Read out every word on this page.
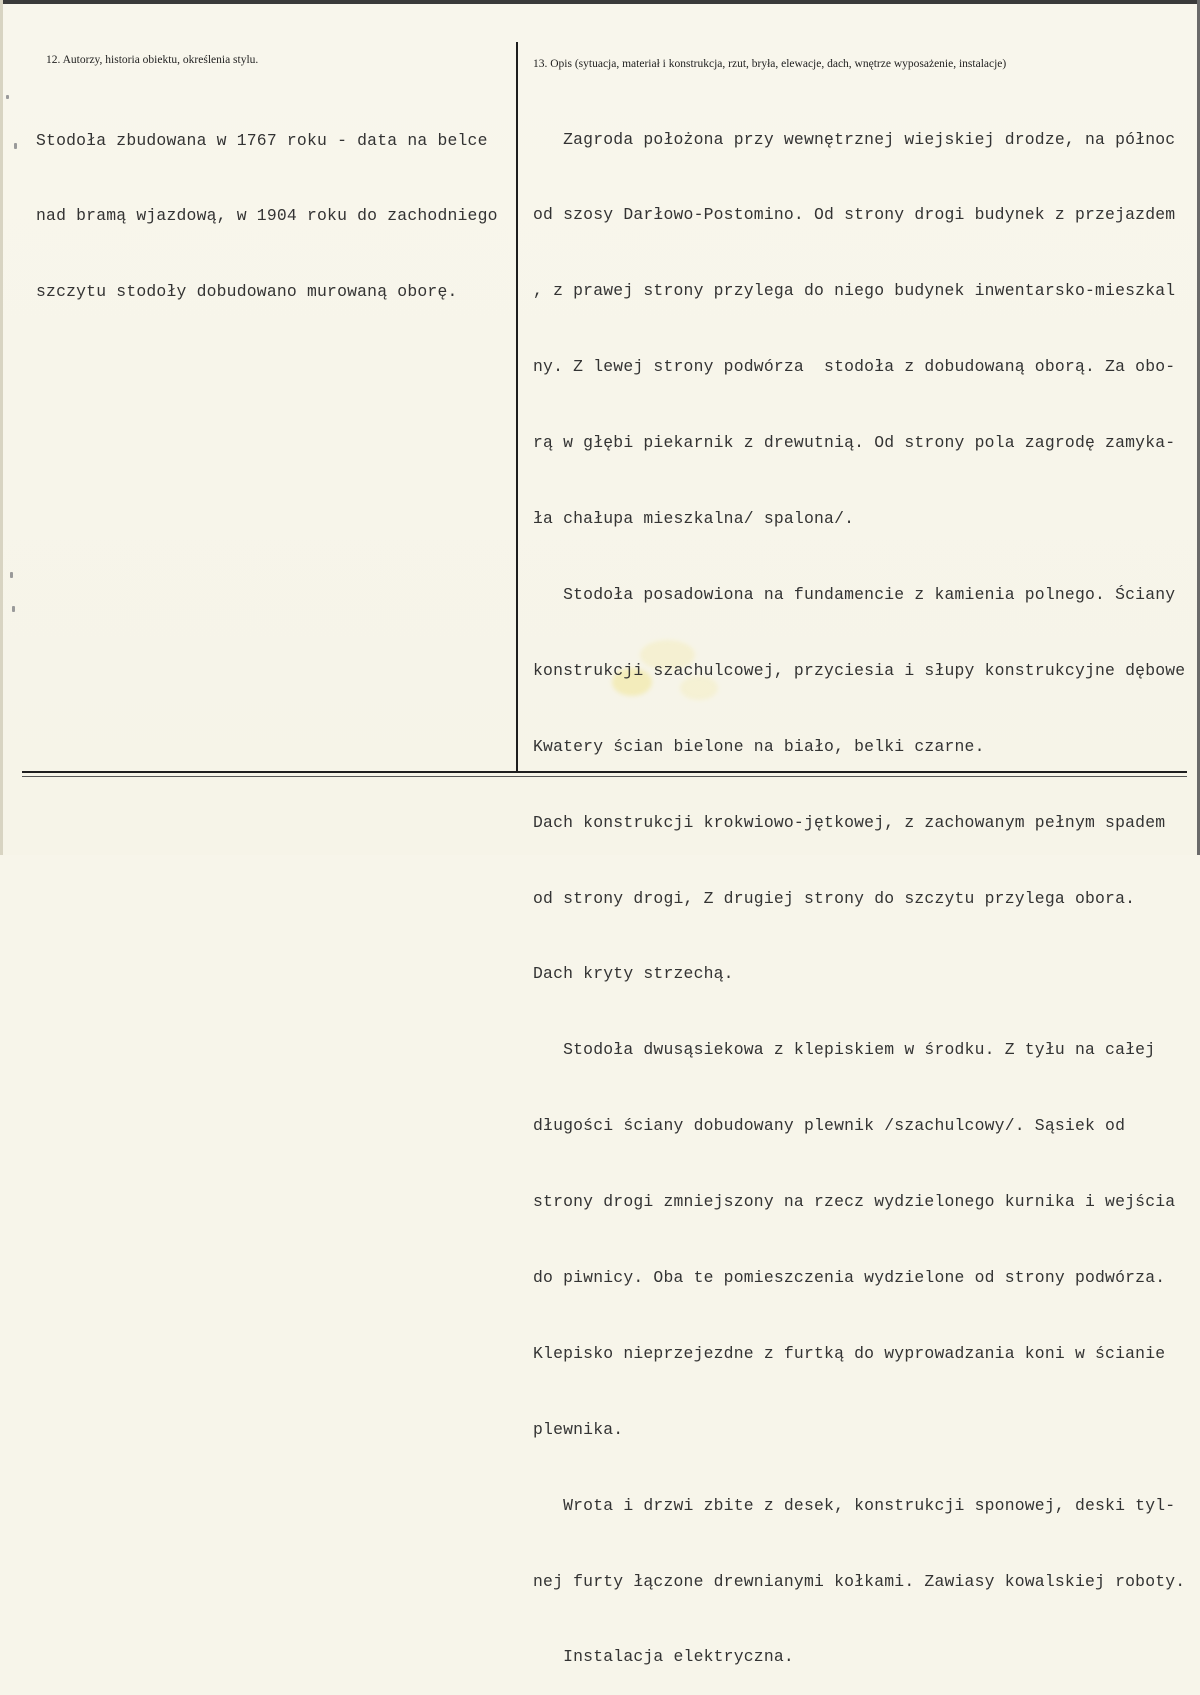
12. Autorzy, historia obiektu, określenia stylu.	13. Opis (sytuacja, materiał i konstrukcja, rzut, bryła, elewacje, dach, wnętrze wyposażenie, instalacje)

Stodoła zbudowana w 1767 roku - data na belce

nad bramą wjazdową, w 1904 roku do zachodniego

szczytu stodoły dobudowano murowaną oborę.

Zagroda położona przy wewnętrznej wiejskiej drodze, na północ

od szosy Darłowo-Postomino. Od strony drogi budynek z przejazdem

, z prawej strony przylega do niego budynek inwentarsko-mieszkal

ny. Z lewej strony podwórza  stodoła z dobudowaną oborą. Za obo-

rą w głębi piekarnik z drewutnią. Od strony pola zagrodę zamyka-

ła chałupa mieszkalna/ spalona/.

Stodoła posadowiona na fundamencie z kamienia polnego. Ściany

konstrukcji szachulcowej, przyciesia i słupy konstrukcyjne dębowe

Kwatery ścian bielone na biało, belki czarne.

Dach konstrukcji krokwiowo-jętkowej, z zachowanym pełnym spadem

od strony drogi, Z drugiej strony do szczytu przylega obora.

Dach kryty strzechą.

Stodoła dwusąsiekowa z klepiskiem w środku. Z tyłu na całej

długości ściany dobudowany plewnik /szachulcowy/. Sąsiek od

strony drogi zmniejszony na rzecz wydzielonego kurnika i wejścia

do piwnicy. Oba te pomieszczenia wydzielone od strony podwórza.

Klepisko nieprzejezdne z furtką do wyprowadzania koni w ścianie

plewnika.

Wrota i drzwi zbite z desek, konstrukcji sponowej, deski tyl-

nej furty łączone drewnianymi kołkami. Zawiasy kowalskiej roboty.

Instalacja elektryczna.
